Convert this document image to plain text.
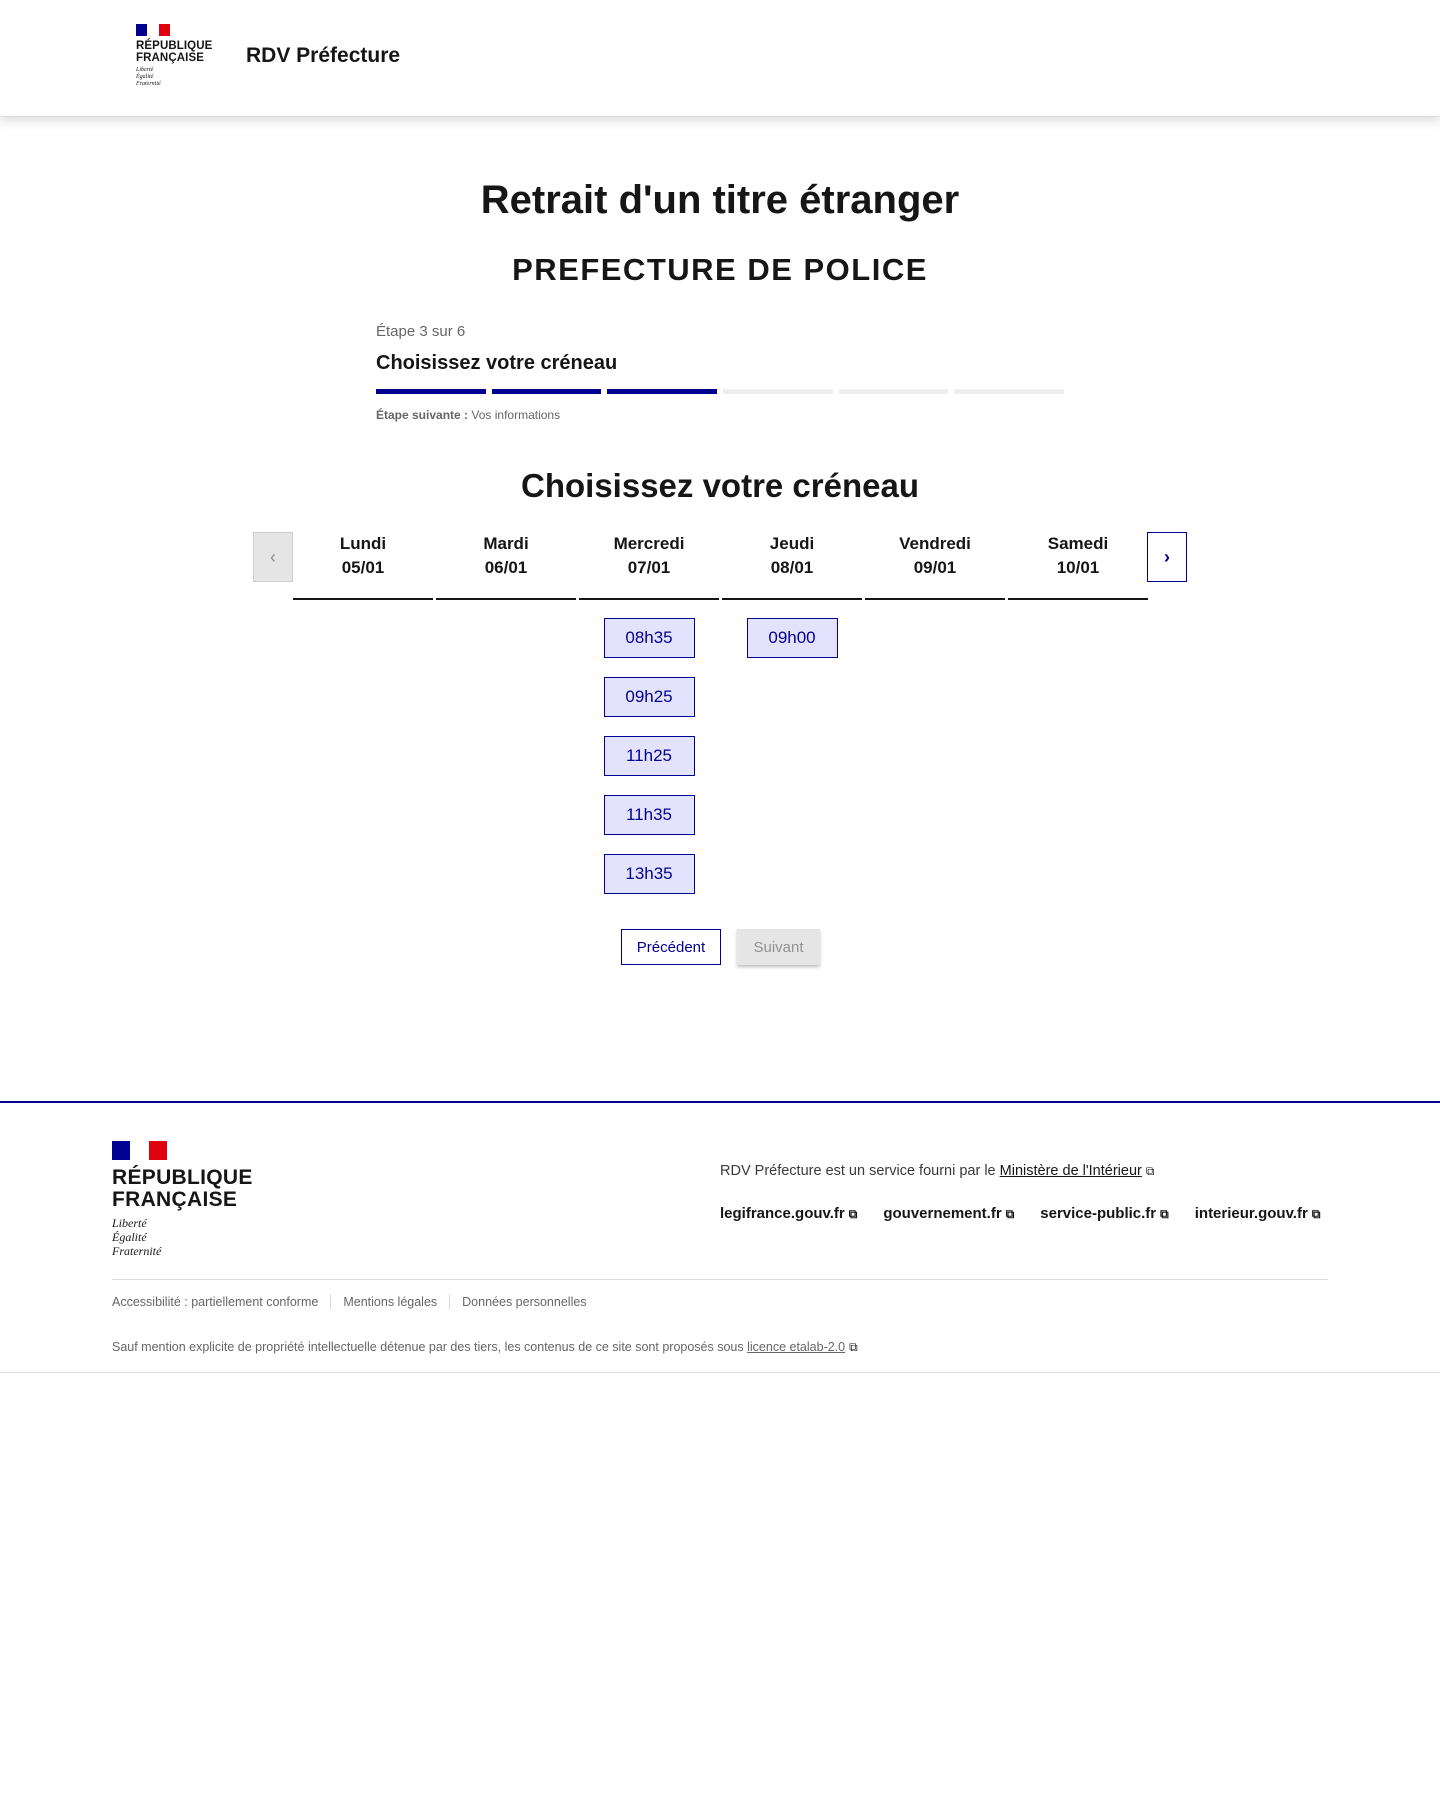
RÉPUBLIQUE
FRANÇAISE
Liberté
Égalité
Fraternité
RDV Préfecture
Retrait d'un titre étranger
PREFECTURE DE POLICE
Étape 3 sur 6
Choisissez votre créneau
Étape suivante : Vos informations
Choisissez votre créneau
‹	›
Lundi
05/01
Mardi
06/01
Mercredi
07/01
08h35
09h25
11h25
11h35
13h35
Jeudi
08/01
09h00
Vendredi
09/01
Samedi
10/01
Précédent	Suivant
RÉPUBLIQUE
FRANÇAISE
Liberté
Égalité
Fraternité
RDV Préfecture est un service fourni par le Ministère de l'Intérieur ⧉
legifrance.gouv.fr ⧉ gouvernement.fr ⧉ service-public.fr ⧉ interieur.gouv.fr ⧉
Accessibilité : partiellement conforme Mentions légales Données personnelles
Sauf mention explicite de propriété intellectuelle détenue par des tiers, les contenus de ce site sont proposés sous licence etalab-2.0 ⧉
